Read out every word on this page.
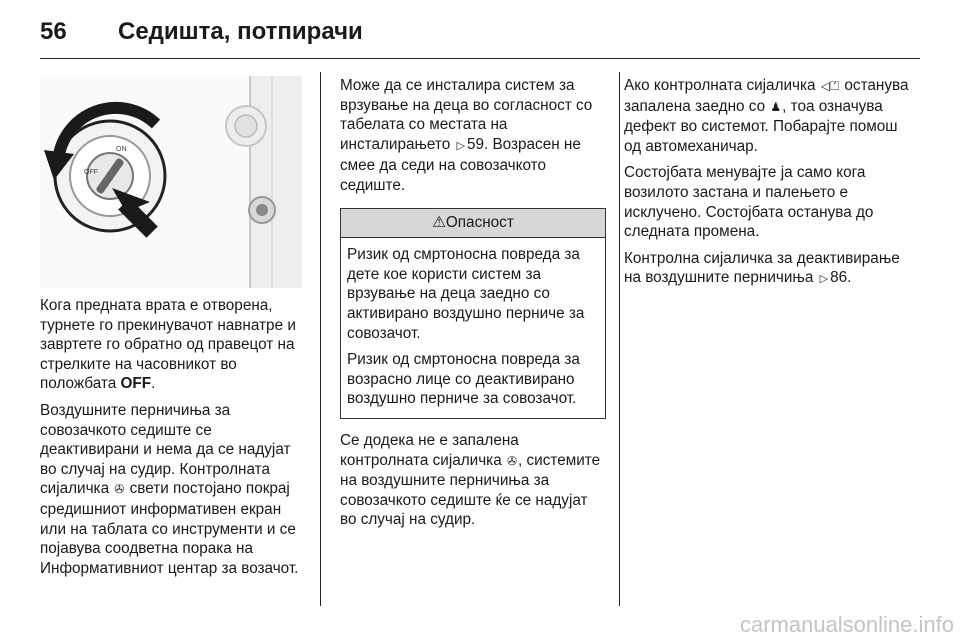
56 Седишта, потпирачи
ON
OFF

Кога предната врата е отворена, турнете го прекинувачот навнатре и завртете го обратно од правецот на стрелките на часовникот во положбата OFF.

Воздушните перничиња за совозачкото седиште се деактивирани и нема да се надујат во случај на судир. Контролната сијаличка ✇ свети постојано покрај средишниот информативен екран или на таблата со инструменти и се појавува соодветна порака на Информативниот центар за возачот.

Може да се инсталира систем за врзување на деца во согласност со табелата со местата на инсталирањето ▷ 59. Возрасен не смее да седи на совозачкото седиште.

⚠Опасност

Ризик од смртоносна повреда за дете кое користи систем за врзување на деца заедно со активирано воздушно перниче за совозачот.

Ризик од смртоносна повреда за возрасно лице со деактивирано воздушно перниче за совозачот.

Се додека не е запалена контролната сијаличка ✇, системите на воздушните перничиња за совозачкото седиште ќе се надујат во случај на судир.

Ако контролната сијаличка ◁⏍ останува запалена заедно со ♟, тоа означува дефект во системот. Побарајте помош од автомеханичар.

Состојбата менувајте ја само кога возилото застана и палењето е исклучено. Состојбата останува до следната промена.

Контролна сијаличка за деактивирање на воздушните перничиња ▷ 86.

carmanualsonline.info
